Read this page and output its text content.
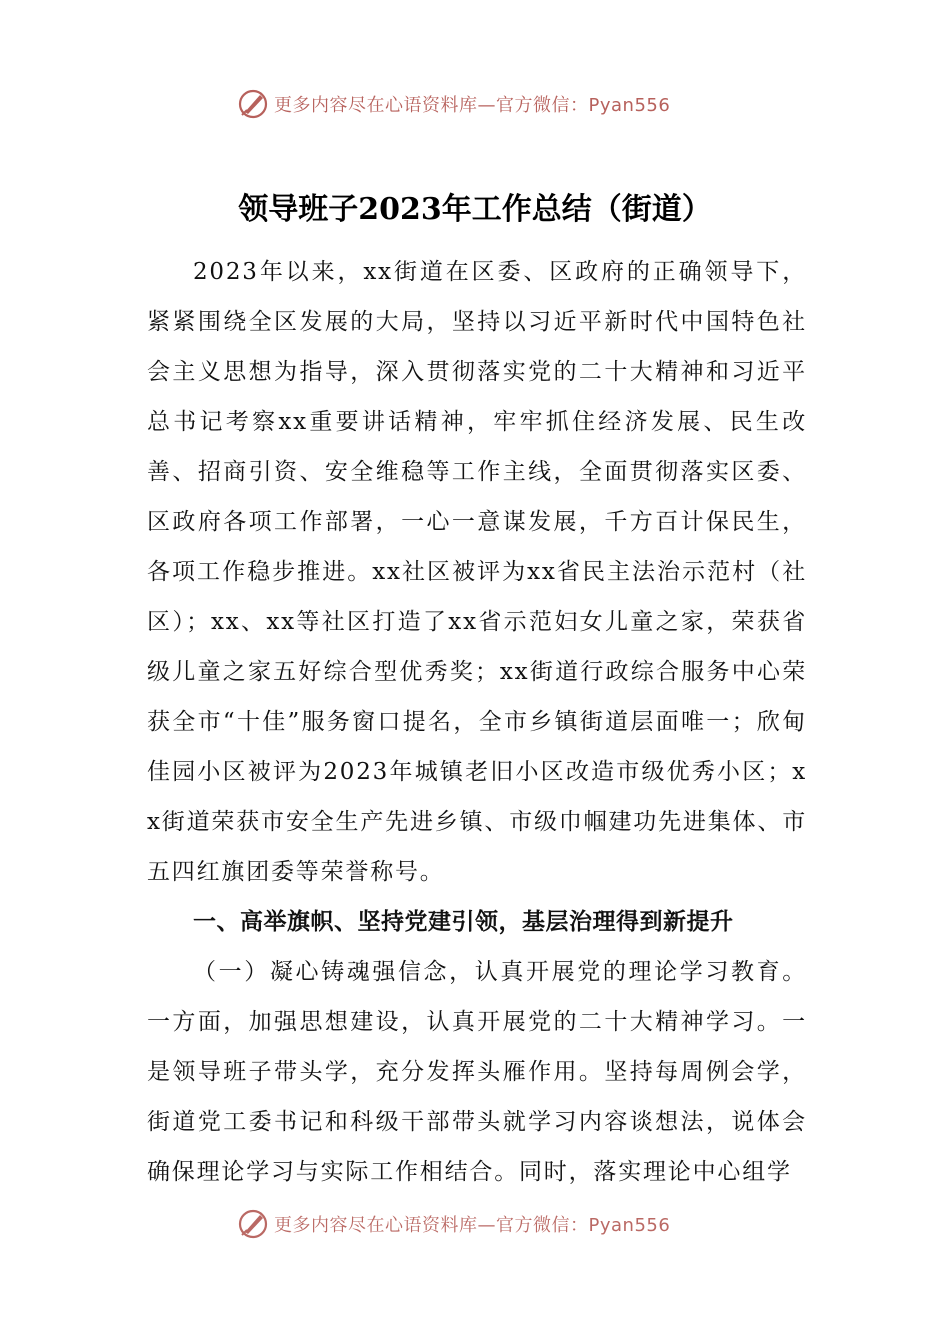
更多内容尽在心语资料库—官方微信：Pyan556
领导班子2023年工作总结（街道）

2023年以来，xx街道在区委、区政府的正确领导下，紧紧围绕全区发展的大局，坚持以习近平新时代中国特色社会主义思想为指导，深入贯彻落实党的二十大精神和习近平总书记考察xx重要讲话精神，牢牢抓住经济发展、民生改善、招商引资、安全维稳等工作主线，全面贯彻落实区委、区政府各项工作部署，一心一意谋发展，千方百计保民生，各项工作稳步推进。xx社区被评为xx省民主法治示范村（社区）；xx、xx等社区打造了xx省示范妇女儿童之家，荣获省级儿童之家五好综合型优秀奖；xx街道行政综合服务中心荣获全市“十佳”服务窗口提名，全市乡镇街道层面唯一；欣甸佳园小区被评为2023年城镇老旧小区改造市级优秀小区；xx街道荣获市安全生产先进乡镇、市级巾帼建功先进集体、市五四红旗团委等荣誉称号。

一、高举旗帜、坚持党建引领，基层治理得到新提升

（一）凝心铸魂强信念，认真开展党的理论学习教育。一方面，加强思想建设，认真开展党的二十大精神学习。一是领导班子带头学，充分发挥头雁作用。坚持每周例会学，街道党工委书记和科级干部带头就学习内容谈想法，说体会确保理论学习与实际工作相结合。同时，落实理论中心组学

更多内容尽在心语资料库—官方微信：Pyan556
